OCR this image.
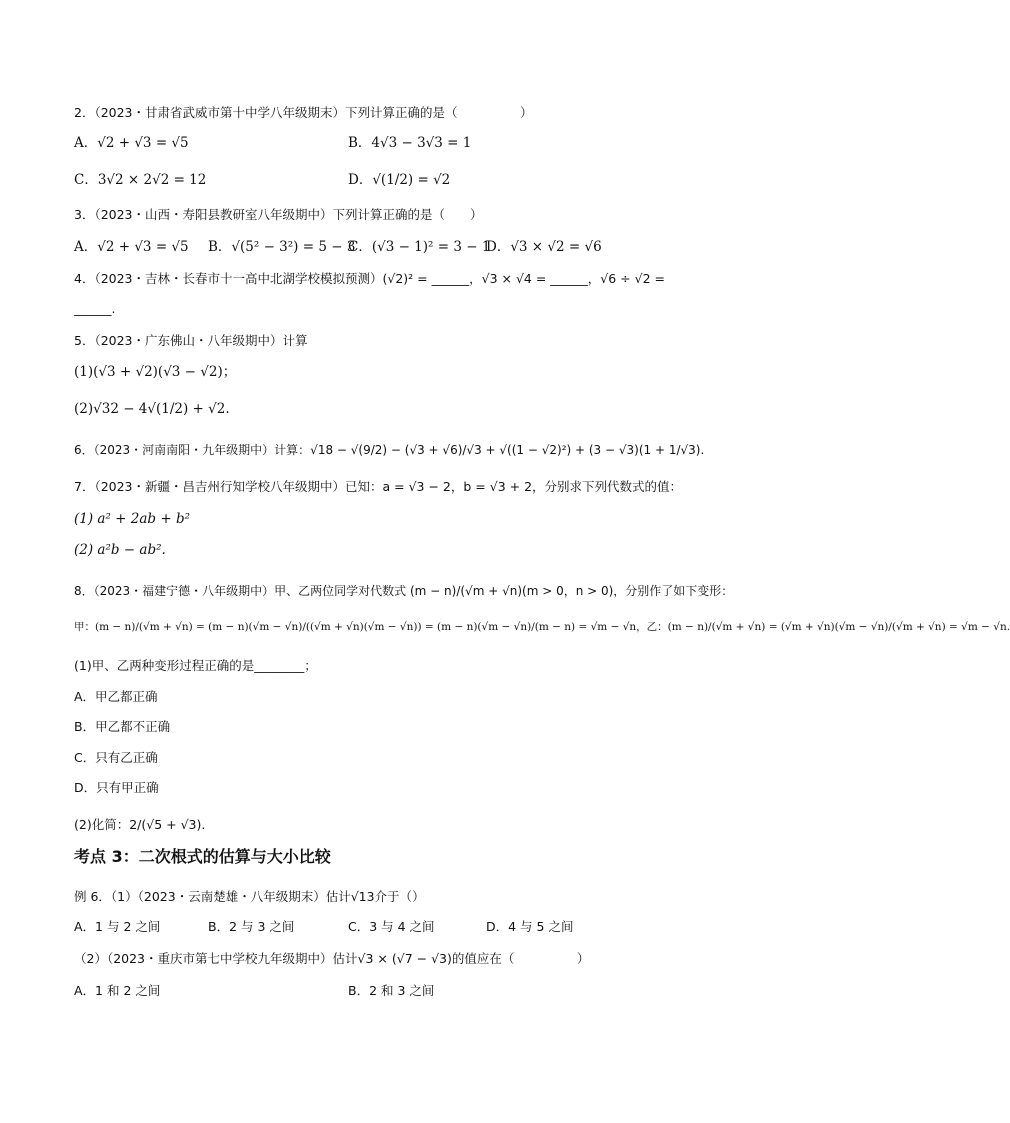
2．（2023・甘肃省武威市第十中学八年级期末）下列计算正确的是（　　　　　）
A．√2 + √3 = √5	B．4√3 − 3√3 = 1
C．3√2 × 2√2 = 12	D．√(1/2) = √2
3．（2023・山西・寿阳县教研室八年级期中）下列计算正确的是（　　）
A．√2 + √3 = √5 B．√(5² − 3²) = 5 − 3
C．(√3 − 1)² = 3 − 1
D．√3 × √2 = √6
4．（2023・吉林・长春市十一高中北湖学校模拟预测）(√2)² = ______，√3 × √4 = ______，√6 ÷ √2 =
______.
5．（2023・广东佛山・八年级期中）计算
(1)(√3 + √2)(√3 − √2)；
(2)√32 − 4√(1/2) + √2.
6．（2023・河南南阳・九年级期中）计算：√18 − √(9/2) − (√3 + √6)/√3 + √((1 − √2)²) + (3 − √3)(1 + 1/√3).
7．（2023・新疆・昌吉州行知学校八年级期中）已知：a = √3 − 2，b = √3 + 2，分别求下列代数式的值：
(1) a² + 2ab + b²
(2) a²b − ab².
8．（2023・福建宁德・八年级期中）甲、乙两位同学对代数式 (m − n)/(√m + √n)(m > 0，n > 0)，分别作了如下变形：
甲：(m − n)/(√m + √n) = (m − n)(√m − √n)/((√m + √n)(√m − √n)) = (m − n)(√m − √n)/(m − n) = √m − √n，乙：(m − n)/(√m + √n) = (√m + √n)(√m − √n)/(√m + √n) = √m − √n.
(1)甲、乙两种变形过程正确的是________；
A．甲乙都正确
B．甲乙都不正确
C．只有乙正确
D．只有甲正确
(2)化简：2/(√5 + √3).
考点 3：二次根式的估算与大小比较
例 6．（1）（2023・云南楚雄・八年级期末）估计√13介于（）
A．1 与 2 之间	B．2 与 3 之间	C．3 与 4 之间	D．4 与 5 之间
（2）（2023・重庆市第七中学校九年级期中）估计√3 × (√7 − √3)的值应在（　　　　　）
A．1 和 2 之间	B．2 和 3 之间
